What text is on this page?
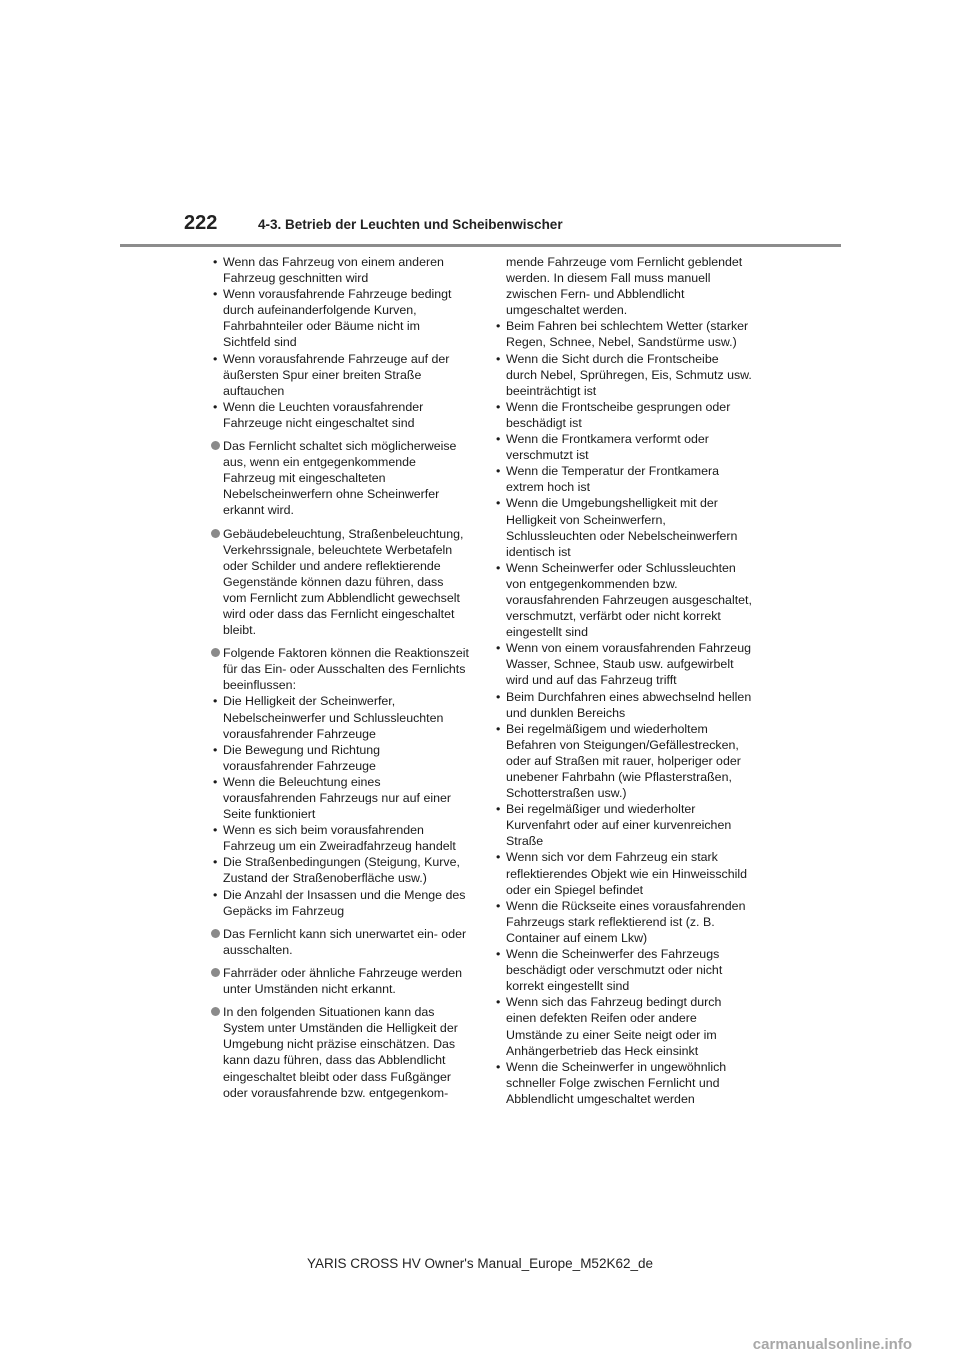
222	4-3. Betrieb der Leuchten und Scheibenwischer
• Wenn das Fahrzeug von einem anderen Fahrzeug geschnitten wird
• Wenn vorausfahrende Fahrzeuge bedingt durch aufeinanderfolgende Kurven, Fahrbahnteiler oder Bäume nicht im Sichtfeld sind
• Wenn vorausfahrende Fahrzeuge auf der äußersten Spur einer breiten Straße auftauchen
• Wenn die Leuchten vorausfahrender Fahrzeuge nicht eingeschaltet sind
Das Fernlicht schaltet sich möglicherweise aus, wenn ein entgegenkommende Fahrzeug mit eingeschalteten Nebelscheinwerfern ohne Scheinwerfer erkannt wird.
Gebäudebeleuchtung, Straßenbeleuchtung, Verkehrssignale, beleuchtete Werbetafeln oder Schilder und andere reflektierende Gegenstände können dazu führen, dass vom Fernlicht zum Abblendlicht gewechselt wird oder dass das Fernlicht eingeschaltet bleibt.
Folgende Faktoren können die Reaktionszeit für das Ein- oder Ausschalten des Fernlichts beeinflussen:
• Die Helligkeit der Scheinwerfer, Nebelscheinwerfer und Schlussleuchten vorausfahrender Fahrzeuge
• Die Bewegung und Richtung vorausfahrender Fahrzeuge
• Wenn die Beleuchtung eines vorausfahrenden Fahrzeugs nur auf einer Seite funktioniert
• Wenn es sich beim vorausfahrenden Fahrzeug um ein Zweiradfahrzeug handelt
• Die Straßenbedingungen (Steigung, Kurve, Zustand der Straßenoberfläche usw.)
• Die Anzahl der Insassen und die Menge des Gepäcks im Fahrzeug
Das Fernlicht kann sich unerwartet ein- oder ausschalten.
Fahrräder oder ähnliche Fahrzeuge werden unter Umständen nicht erkannt.
In den folgenden Situationen kann das System unter Umständen die Helligkeit der Umgebung nicht präzise einschätzen. Das kann dazu führen, dass das Abblendlicht eingeschaltet bleibt oder dass Fußgänger oder vorausfahrende bzw. entgegenkom-
mende Fahrzeuge vom Fernlicht geblendet werden. In diesem Fall muss manuell zwischen Fern- und Abblendlicht umgeschaltet werden.
• Beim Fahren bei schlechtem Wetter (starker Regen, Schnee, Nebel, Sandstürme usw.)
• Wenn die Sicht durch die Frontscheibe durch Nebel, Sprühregen, Eis, Schmutz usw. beeinträchtigt ist
• Wenn die Frontscheibe gesprungen oder beschädigt ist
• Wenn die Frontkamera verformt oder verschmutzt ist
• Wenn die Temperatur der Frontkamera extrem hoch ist
• Wenn die Umgebungshelligkeit mit der Helligkeit von Scheinwerfern, Schlussleuchten oder Nebelscheinwerfern identisch ist
• Wenn Scheinwerfer oder Schlussleuchten von entgegenkommenden bzw. vorausfahrenden Fahrzeugen ausgeschaltet, verschmutzt, verfärbt oder nicht korrekt eingestellt sind
• Wenn von einem vorausfahrenden Fahrzeug Wasser, Schnee, Staub usw. aufgewirbelt wird und auf das Fahrzeug trifft
• Beim Durchfahren eines abwechselnd hellen und dunklen Bereichs
• Bei regelmäßigem und wiederholtem Befahren von Steigungen/Gefällestrecken, oder auf Straßen mit rauer, holperiger oder unebener Fahrbahn (wie Pflasterstraßen, Schotterstraßen usw.)
• Bei regelmäßiger und wiederholter Kurvenfahrt oder auf einer kurvenreichen Straße
• Wenn sich vor dem Fahrzeug ein stark reflektierendes Objekt wie ein Hinweisschild oder ein Spiegel befindet
• Wenn die Rückseite eines vorausfahrenden Fahrzeugs stark reflektierend ist (z. B. Container auf einem Lkw)
• Wenn die Scheinwerfer des Fahrzeugs beschädigt oder verschmutzt oder nicht korrekt eingestellt sind
• Wenn sich das Fahrzeug bedingt durch einen defekten Reifen oder andere Umstände zu einer Seite neigt oder im Anhängerbetrieb das Heck einsinkt
• Wenn die Scheinwerfer in ungewöhnlich schneller Folge zwischen Fernlicht und Abblendlicht umgeschaltet werden
YARIS CROSS HV Owner's Manual_Europe_M52K62_de
carmanualsonline.info
